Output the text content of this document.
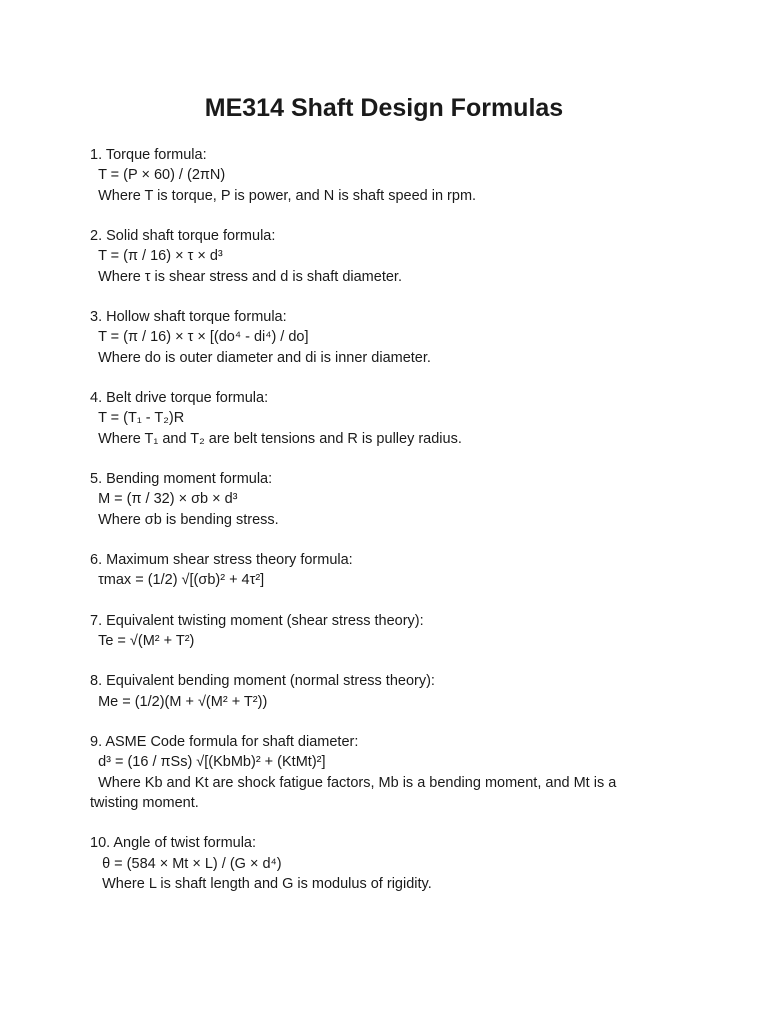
ME314 Shaft Design Formulas
1. Torque formula:
T = (P × 60) / (2πN)
Where T is torque, P is power, and N is shaft speed in rpm.
2. Solid shaft torque formula:
T = (π / 16) × τ × d³
Where τ is shear stress and d is shaft diameter.
3. Hollow shaft torque formula:
T = (π / 16) × τ × [(do⁴ - di⁴) / do]
Where do is outer diameter and di is inner diameter.
4. Belt drive torque formula:
T = (T₁ - T₂)R
Where T₁ and T₂ are belt tensions and R is pulley radius.
5. Bending moment formula:
M = (π / 32) × σb × d³
Where σb is bending stress.
6. Maximum shear stress theory formula:
τmax = (1/2) √[(σb)² + 4τ²]
7. Equivalent twisting moment (shear stress theory):
Te = √(M² + T²)
8. Equivalent bending moment (normal stress theory):
Me = (1/2)(M + √(M² + T²))
9. ASME Code formula for shaft diameter:
d³ = (16 / πSs) √[(KbMb)² + (KtMt)²]
Where Kb and Kt are shock fatigue factors, Mb is a bending moment, and Mt is a twisting moment.
10. Angle of twist formula:
θ = (584 × Mt × L) / (G × d⁴)
Where L is shaft length and G is modulus of rigidity.
